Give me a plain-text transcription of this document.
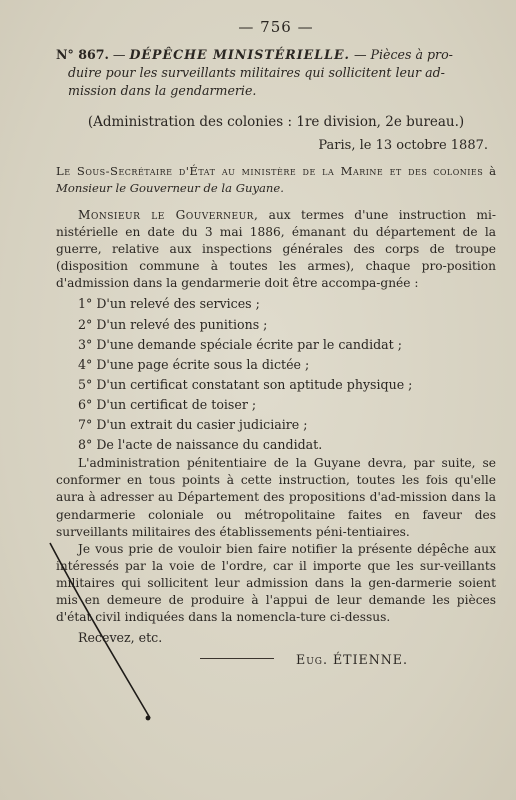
— 756 —

N° 867. — DÉPÊCHE MINISTÉRIELLE. — Pièces à pro-
duire pour les surveillants militaires qui sollicitent leur ad-
mission dans la gendarmerie.

(Administration des colonies : 1re division, 2e bureau.)
Paris, le 13 octobre 1887.

Le Sous-Secrétaire d'État au ministère de la Marine et des colonies à Monsieur le Gouverneur de la Guyane.

Monsieur le Gouverneur, aux termes d'une instruction mi-nistérielle en date du 3 mai 1886, émanant du département de la guerre, relative aux inspections générales des corps de troupe (disposition commune à toutes les armes), chaque pro-position d'admission dans la gendarmerie doit être accompa-gnée :

1° D'un relevé des services ;
2° D'un relevé des punitions ;
3° D'une demande spéciale écrite par le candidat ;
4° D'une page écrite sous la dictée ;
5° D'un certificat constatant son aptitude physique ;
6° D'un certificat de toiser ;
7° D'un extrait du casier judiciaire ;
8° De l'acte de naissance du candidat.

L'administration pénitentiaire de la Guyane devra, par suite, se conformer en tous points à cette instruction, toutes les fois qu'elle aura à adresser au Département des propositions d'ad-mission dans la gendarmerie coloniale ou métropolitaine faites en faveur des surveillants militaires des établissements péni-tentiaires.

Je vous prie de vouloir bien faire notifier la présente dépêche aux intéressés par la voie de l'ordre, car il importe que les sur-veillants militaires qui sollicitent leur admission dans la gen-darmerie soient mis en demeure de produire à l'appui de leur demande les pièces d'état civil indiquées dans la nomencla-ture ci-dessus.

Recevez, etc.
Eug. ÉTIENNE.
